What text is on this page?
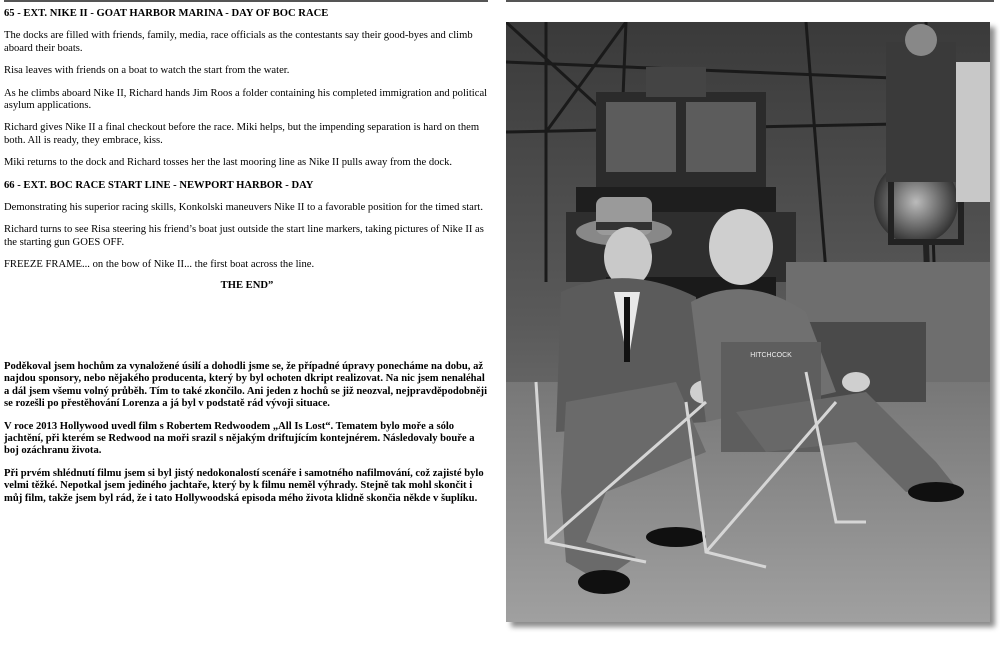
65 - EXT. NIKE II - GOAT HARBOR MARINA - DAY OF BOC RACE

The docks are filled with friends, family, media, race officials as the contestants say their good-byes and climb aboard their boats.

Risa leaves with friends on a boat to watch the start from the water.

As he climbs aboard Nike II, Richard hands Jim Roos a folder containing his completed immigration and political asylum applications.

Richard gives Nike II a final checkout before the race. Miki helps, but the impending separation is hard on them both. All is ready, they embrace, kiss.

Miki returns to the dock and Richard tosses her the last mooring line as Nike II pulls away from the dock.

66 - EXT. BOC RACE START LINE - NEWPORT HARBOR - DAY

Demonstrating his superior racing skills, Konkolski maneuvers Nike II to a favorable position for the timed start.

Richard turns to see Risa steering his friend’s boat just outside the start line markers, taking pictures of Nike II as the starting gun GOES OFF.

FREEZE FRAME... on the bow of Nike II... the first boat across the line.

THE END”

Poděkoval jsem hochům za vynaložené úsilí a dohodli jsme se, že případné úpravy ponecháme na dobu, až najdou sponsory, nebo nějakého producenta, který by byl ochoten dkript realizovat. Na nic jsem nenaléhal a dál jsem všemu volný průběh. Tím to také zkončilo. Ani jeden z hochů se již neozval, nejpravděpodobněji se rozešli po přestěhování Lorenza a já byl v podstatě rád vývoji situace.

V roce 2013 Hollywood uvedl film s Robertem Redwoodem „All Is Lost“. Tematem bylo moře a sólo jachtění, při kterém se Redwood na moři srazil s nějakým driftujícím kontejnérem. Následovaly bouře a boj ozáchranu života.

Při prvém shlédnutí filmu jsem si byl jistý nedokonalostí scenáře i samotného nafilmování, což zajisté bylo velmi těžké. Nepotkal jsem jediného jachtaře, který by k filmu neměl výhrady. Stejně tak mohl skončit i můj film, takže jsem byl rád, že i tato Hollywoodská episoda mého života klidně skončia někde v šuplíku.

HITCHCOCK
